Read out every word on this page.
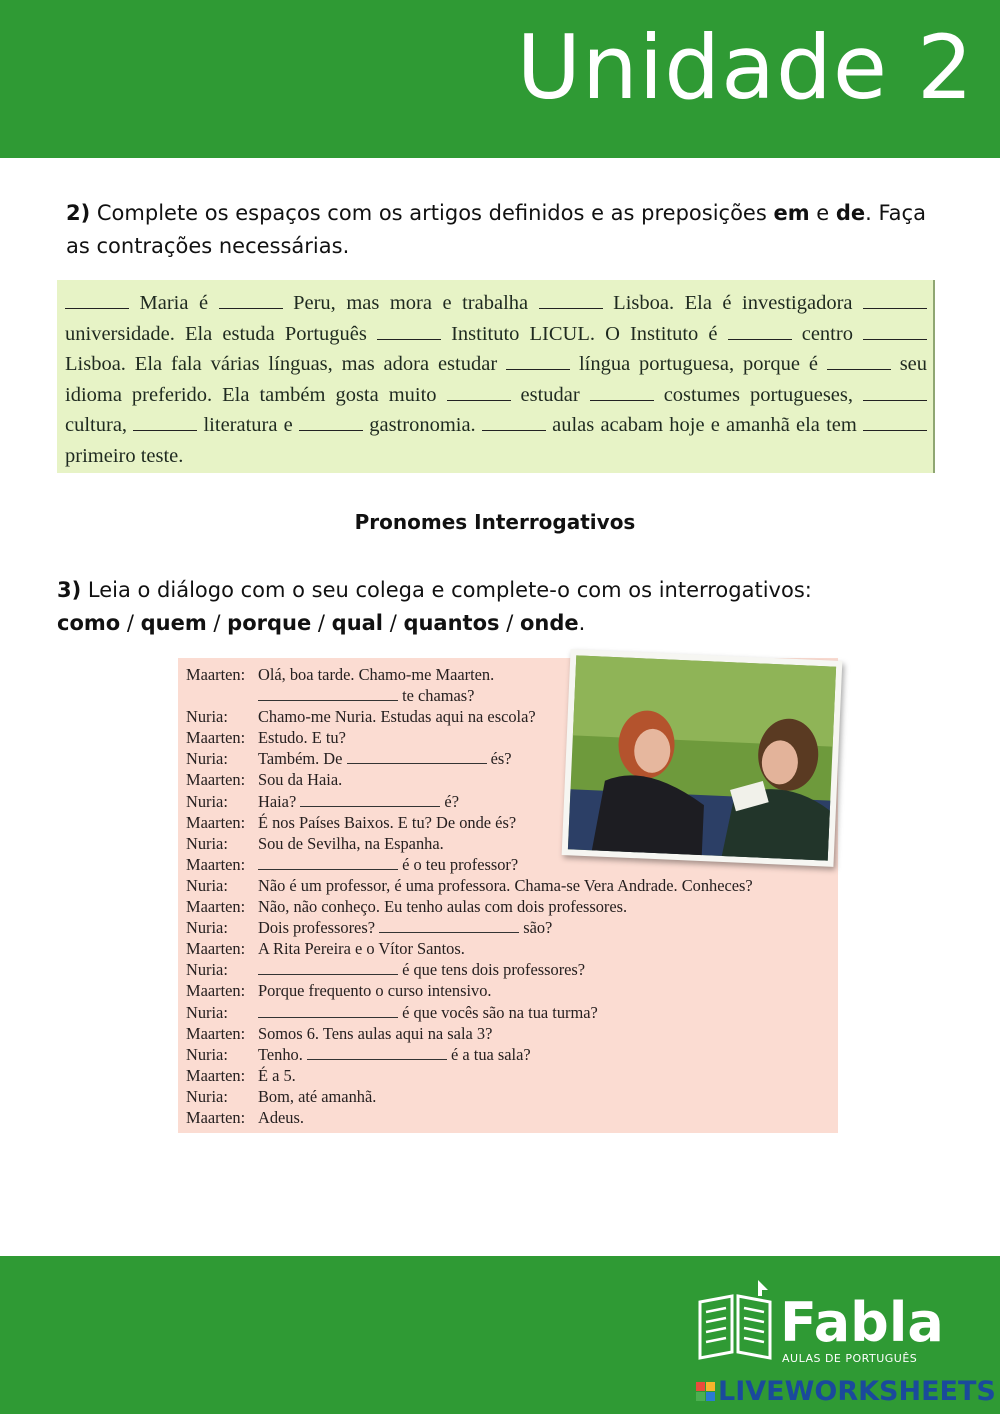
Unidade 2
2) Complete os espaços com os artigos definidos e as preposições em e de. Faça as contrações necessárias.
Maria é	Peru, mas mora e trabalha	Lisboa. Ela é investigadora  universidade. Ela estuda Português	Instituto LICUL. O Instituto é	centro  Lisboa. Ela fala várias línguas, mas adora estudar	língua portuguesa, porque é	seu idioma preferido. Ela também gosta muito	estudar	costumes portugueses,  cultura,	literatura e	gastronomia.	aulas acabam hoje e amanhã ela tem  primeiro teste.
Pronomes Interrogativos
3) Leia o diálogo com o seu colega e complete-o com os interrogativos:
como / quem / porque / qual / quantos / onde.
Maarten: Olá, boa tarde. Chamo-me Maarten.
te chamas?
Nuria: Chamo-me Nuria. Estudas aqui na escola?
Maarten: Estudo. E tu?
Nuria: Também. De	és?
Maarten: Sou da Haia.
Nuria: Haia?	é?
Maarten: É nos Países Baixos. E tu? De onde és?
Nuria: Sou de Sevilha, na Espanha.
Maarten:	é o teu professor?
Nuria: Não é um professor, é uma professora. Chama-se Vera Andrade. Conheces?
Maarten: Não, não conheço. Eu tenho aulas com dois professores.
Nuria: Dois professores?	são?
Maarten: A Rita Pereira e o Vítor Santos.
Nuria:	é que tens dois professores?
Maarten: Porque frequento o curso intensivo.
Nuria:	é que vocês são na tua turma?
Maarten: Somos 6. Tens aulas aqui na sala 3?
Nuria: Tenho.	é a tua sala?
Maarten: É a 5.
Nuria: Bom, até amanhã.
Maarten: Adeus.
Fabla
AULAS DE PORTUGUÊS
LIVEWORKSHEETS
